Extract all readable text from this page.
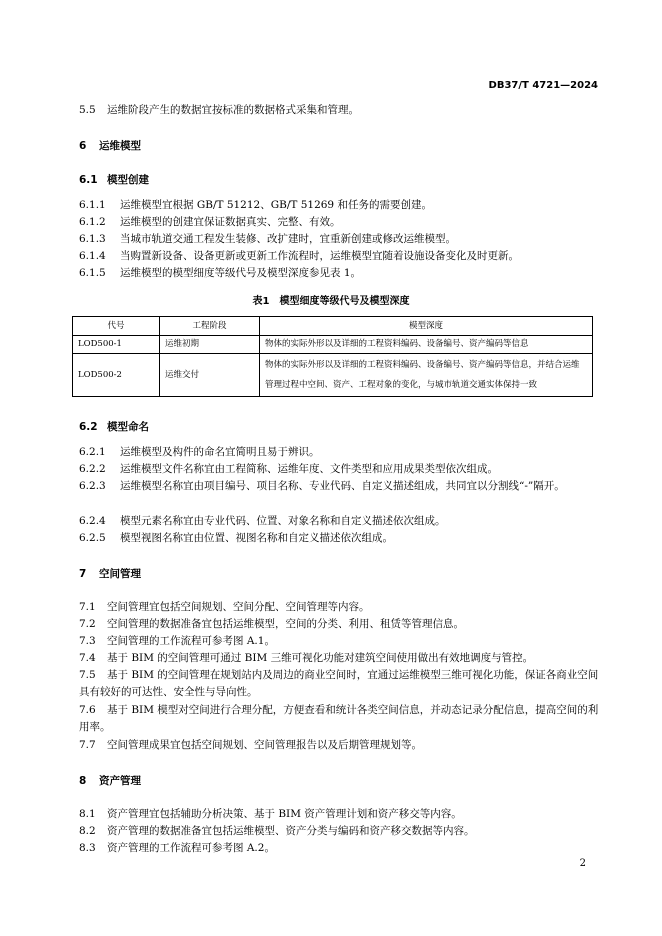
DB37/T 4721—2024
5.5 运维阶段产生的数据宜按标准的数据格式采集和管理。
6 运维模型
6.1 模型创建
6.1.1 运维模型宜根据 GB/T 51212、GB/T 51269 和任务的需要创建。
6.1.2 运维模型的创建宜保证数据真实、完整、有效。
6.1.3 当城市轨道交通工程发生装修、改扩建时，宜重新创建或修改运维模型。
6.1.4 当购置新设备、设备更新或更新工作流程时，运维模型宜随着设施设备变化及时更新。
6.1.5 运维模型的模型细度等级代号及模型深度参见表 1。
表1　模型细度等级代号及模型深度
代号	工程阶段	模型深度
LOD500-1	运维初期	物体的实际外形以及详细的工程资料编码、设备编号、资产编码等信息
LOD500-2	运维交付	物体的实际外形以及详细的工程资料编码、设备编号、资产编码等信息，并结合运维管理过程中空间、资产、工程对象的变化，与城市轨道交通实体保持一致
6.2 模型命名
6.2.1 运维模型及构件的命名宜简明且易于辨识。
6.2.2 运维模型文件名称宜由工程简称、运维年度、文件类型和应用成果类型依次组成。
6.2.3 运维模型名称宜由项目编号、项目名称、专业代码、自定义描述组成，共同宜以分割线“-”隔开。
6.2.4 模型元素名称宜由专业代码、位置、对象名称和自定义描述依次组成。
6.2.5 模型视图名称宜由位置、视图名称和自定义描述依次组成。
7 空间管理
7.1 空间管理宜包括空间规划、空间分配、空间管理等内容。
7.2 空间管理的数据准备宜包括运维模型，空间的分类、利用、租赁等管理信息。
7.3 空间管理的工作流程可参考图 A.1。
7.4 基于 BIM 的空间管理可通过 BIM 三维可视化功能对建筑空间使用做出有效地调度与管控。
7.5 基于 BIM 的空间管理在规划站内及周边的商业空间时，宜通过运维模型三维可视化功能，保证各商业空间具有较好的可达性、安全性与导向性。
7.6 基于 BIM 模型对空间进行合理分配，方便查看和统计各类空间信息，并动态记录分配信息，提高空间的利用率。
7.7 空间管理成果宜包括空间规划、空间管理报告以及后期管理规划等。
8 资产管理
8.1 资产管理宜包括辅助分析决策、基于 BIM 资产管理计划和资产移交等内容。
8.2 资产管理的数据准备宜包括运维模型、资产分类与编码和资产移交数据等内容。
8.3 资产管理的工作流程可参考图 A.2。
2
